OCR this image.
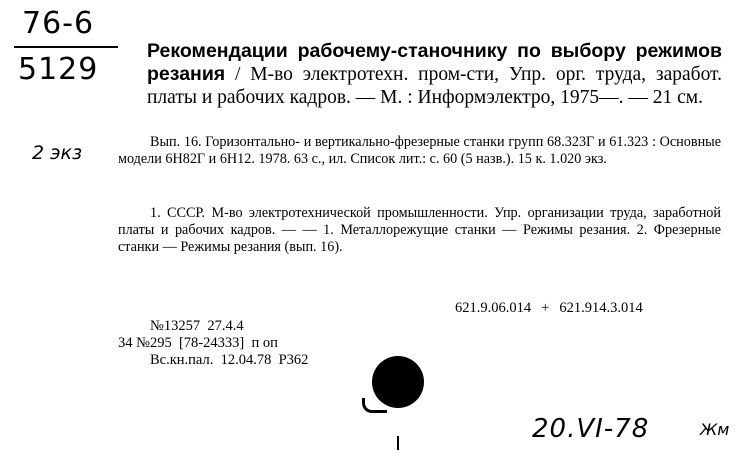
76-6
5129
2 экз
Рекомендации рабочему-станочнику по выбору режимов резания / М-во электротехн. пром-сти, Упр. орг. труда, заработ. платы и рабочих кадров. — М. : Информэлектро, 1975—. — 21 см.
Вып. 16. Горизонтально- и вертикально-фрезерные станки групп 68.323Г и 61.323 : Основные модели 6Н82Г и 6Н12. 1978. 63 с., ил. Список лит.: с. 60 (5 назв.). 15 к. 1.020 экз.
1. СССР. М-во электротехнической промышленности. Упр. организации труда, заработной платы и рабочих кадров. — — 1. Металлорежущие станки — Режимы резания. 2. Фрезерные станки — Режимы резания (вып. 16).
621.9.06.014 + 621.914.3.014
№13257  27.4.4
34 №295  [78-24333]  п оп
Вс.кн.пал.  12.04.78  Р362
20.VI-78	Жм
